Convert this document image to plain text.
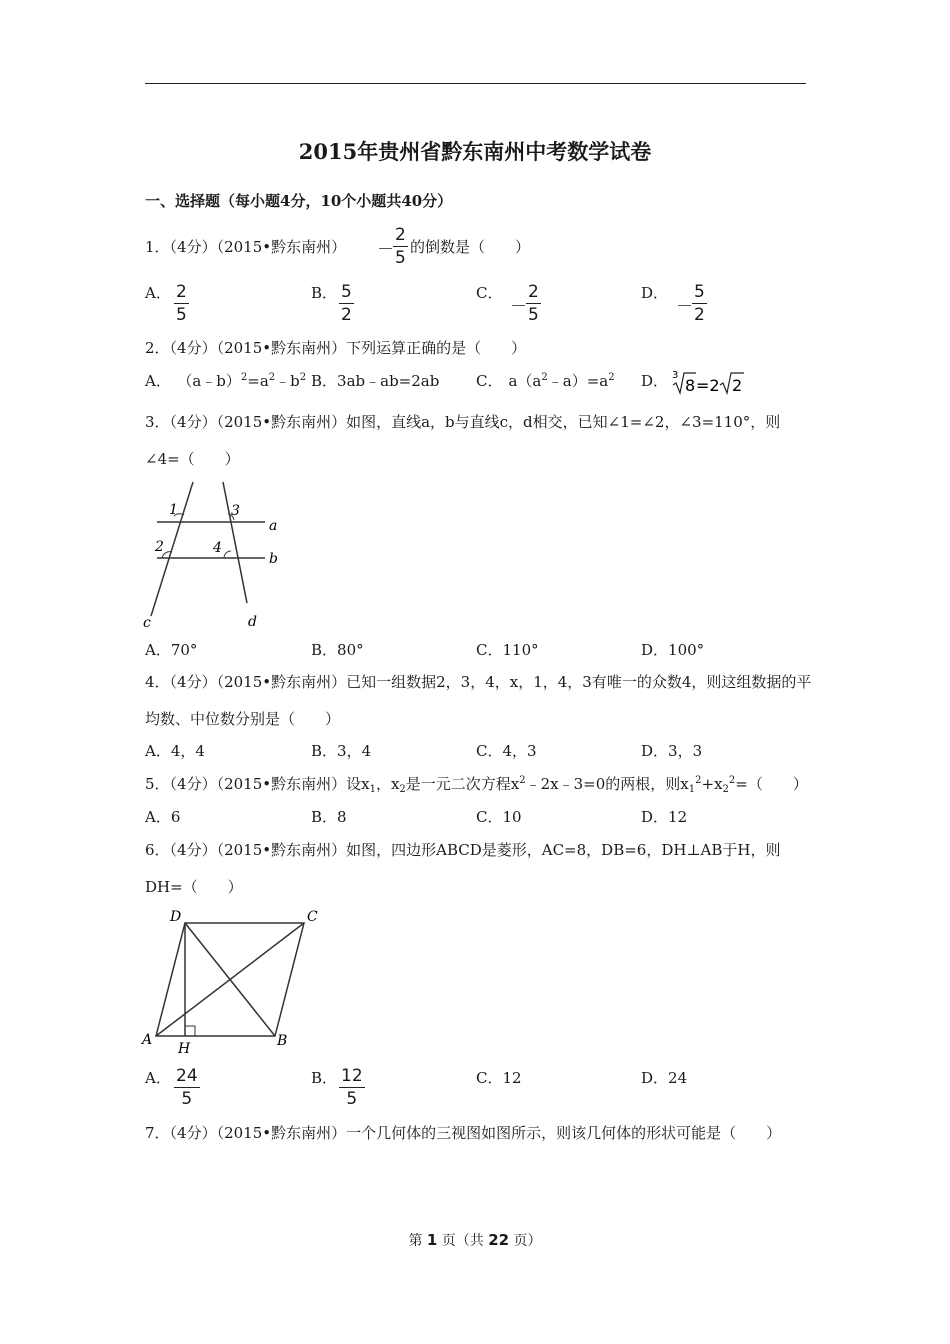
2015年贵州省黔东南州中考数学试卷
一、选择题（每小题4分，10个小题共40分）
1．（4分）（2015•黔东南州） － $\frac{2}{5}$ 的倒数是（　　）
A． $\frac{2}{5}$	B． $\frac{5}{2}$	C．
－ $\frac{2}{5}$	D．
－ $\frac{5}{2}$
2．（4分）（2015•黔东南州）下列运算正确的是（　　）
A． $(a﹣b)^2=a^2﹣b^2$ B．3ab﹣ab=2ab C． $a(a^2﹣a)=a^2$ D． 3
8 =2 2
3．（4分）（2015•黔东南州）如图，直线a，b与直线c，d相交，已知∠1=∠2，∠3=110°，则
∠4=（　　）
1
2
3
4
a
b
c	d
A．70°	B．80°	C．110°	D．100°
4．（4分）（2015•黔东南州）已知一组数据2，3，4，x，1，4，3有唯一的众数4，则这组数据的平
均数、中位数分别是（　　）
A．4，4	B．3，4	C．4，3	D．3，3
5．（4分）（2015•黔东南州）设$x_1$，$x_2$是一元二次方程$x^2﹣2x﹣3=0$的两根，则$x_1^2+x_2^2=$（　　）
A．6	B．8	C．10	D．12
6．（4分）（2015•黔东南州）如图，四边形ABCD是菱形，AC=8，DB=6，DH⊥AB于H，则
DH=（　　）
D	C
A	B
H
A． $\frac{24}{5}$	B． $\frac{12}{5}$	C．12	D．24
7．（4分）（2015•黔东南州）一个几何体的三视图如图所示，则该几何体的形状可能是（　　）
第 1 页（共 22 页）
